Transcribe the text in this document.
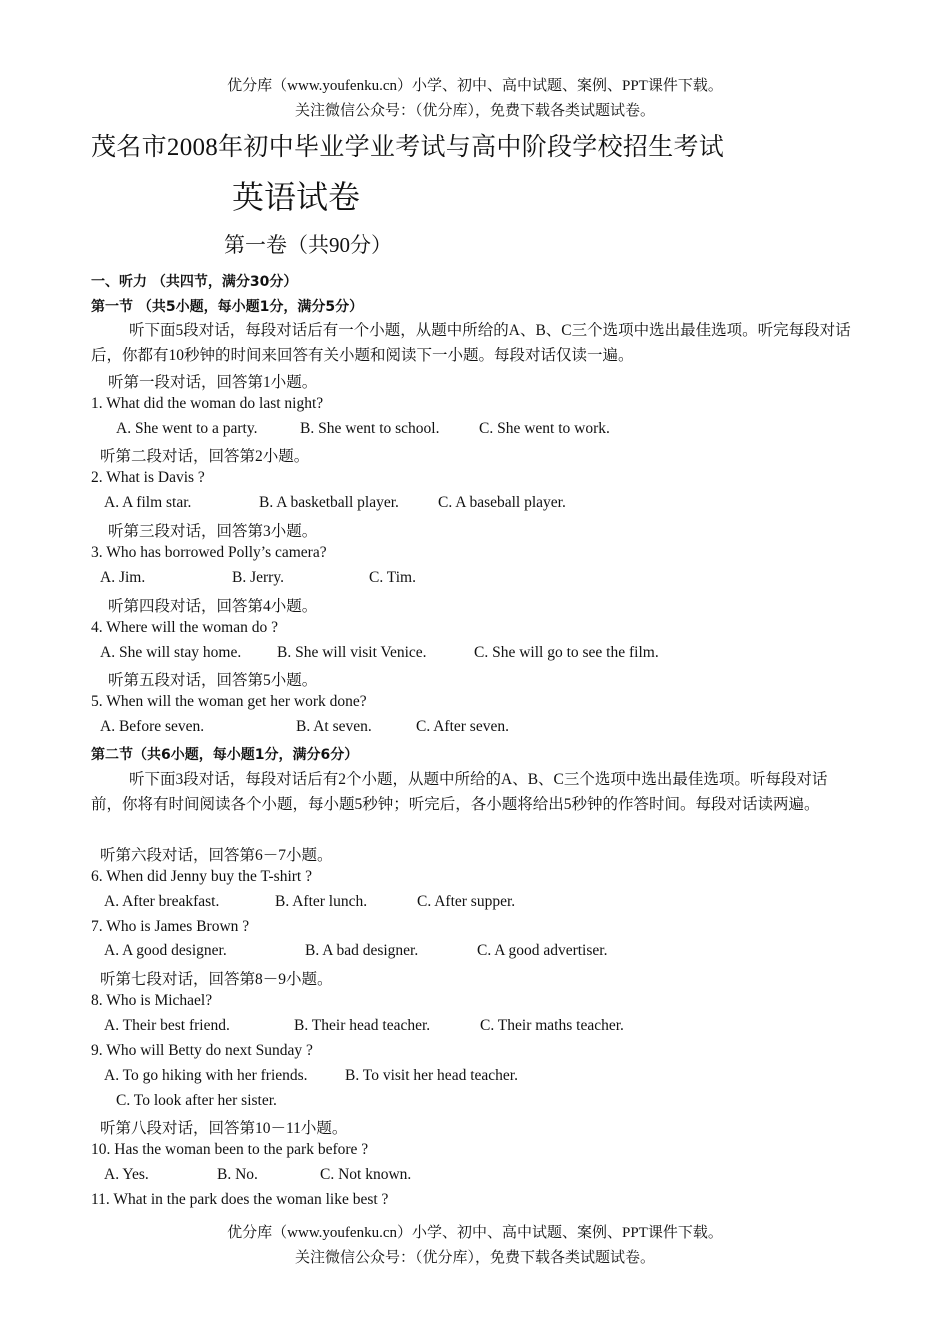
优分库（www.youfenku.cn）小学、初中、高中试题、案例、PPT课件下载。
关注微信公众号：（优分库），免费下载各类试题试卷。
茂名市2008年初中毕业学业考试与高中阶段学校招生考试
英语试卷
第一卷（共90分）
一、听力 （共四节，满分30分）
第一节 （共5小题，每小题1分，满分5分）
听下面5段对话，每段对话后有一个小题，从题中所给的A、B、C三个选项中选出最佳选项。听完每段对话后，你都有10秒钟的时间来回答有关小题和阅读下一小题。每段对话仅读一遍。
听第一段对话，回答第1小题。
1. What did the woman do last night?
A. She went to a party.	B. She went to school.	C. She went to work.
听第二段对话，回答第2小题。
2. What is Davis ?
A. A film star.	B. A basketball player.	C. A baseball player.
听第三段对话，回答第3小题。
3. Who has borrowed Polly’s camera?
A. Jim.	B. Jerry.	C. Tim.
听第四段对话，回答第4小题。
4. Where will the woman do ?
A. She will stay home. B. She will visit Venice.	C. She will go to see the film.
听第五段对话，回答第5小题。
5. When will the woman get her work done?
A. Before seven.	B. At seven.	C. After seven.
第二节（共6小题，每小题1分，满分6分）
听下面3段对话，每段对话后有2个小题，从题中所给的A、B、C三个选项中选出最佳选项。听每段对话前，你将有时间阅读各个小题，每小题5秒钟；听完后，各小题将给出5秒钟的作答时间。每段对话读两遍。
听第六段对话，回答第6－7小题。
6. When did Jenny buy the T-shirt ?
A. After breakfast.	B. After lunch.	C. After supper.
7. Who is James Brown ?
A. A good designer.	B. A bad designer.	C. A good advertiser.
听第七段对话，回答第8－9小题。
8. Who is Michael?
A. Their best friend.	B. Their head teacher.	C. Their maths teacher.
9. Who will Betty do next Sunday ?
A. To go hiking with her friends. B. To visit her head teacher.
C. To look after her sister.
听第八段对话，回答第10－11小题。
10. Has the woman been to the park before ?
A. Yes.	B. No.	C. Not known.
11. What in the park does the woman like best ?
优分库（www.youfenku.cn）小学、初中、高中试题、案例、PPT课件下载。
关注微信公众号：（优分库），免费下载各类试题试卷。
